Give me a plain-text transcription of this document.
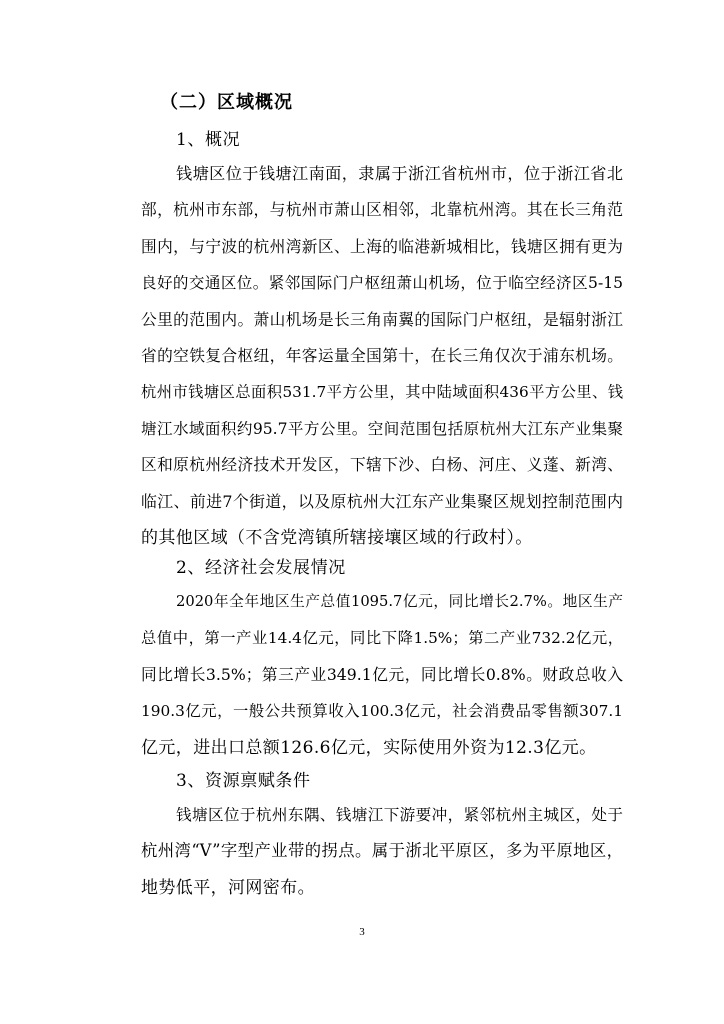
（二）区域概况
1、概况
钱塘区位于钱塘江南面，隶属于浙江省杭州市，位于浙江省北
部，杭州市东部，与杭州市萧山区相邻，北靠杭州湾。其在长三角范
围内，与宁波的杭州湾新区、上海的临港新城相比，钱塘区拥有更为
良好的交通区位。紧邻国际门户枢纽萧山机场，位于临空经济区5-15
公里的范围内。萧山机场是长三角南翼的国际门户枢纽，是辐射浙江
省的空铁复合枢纽，年客运量全国第十，在长三角仅次于浦东机场。
杭州市钱塘区总面积531.7平方公里，其中陆域面积436平方公里、钱
塘江水域面积约95.7平方公里。空间范围包括原杭州大江东产业集聚
区和原杭州经济技术开发区，下辖下沙、白杨、河庄、义蓬、新湾、
临江、前进7个街道，以及原杭州大江东产业集聚区规划控制范围内
的其他区域（不含党湾镇所辖接壤区域的行政村）。
2、经济社会发展情况
2020年全年地区生产总值1095.7亿元，同比增长2.7%。地区生产
总值中，第一产业14.4亿元，同比下降1.5%；第二产业732.2亿元，
同比增长3.5%；第三产业349.1亿元，同比增长0.8%。财政总收入
190.3亿元，一般公共预算收入100.3亿元，社会消费品零售额307.1
亿元，进出口总额126.6亿元，实际使用外资为12.3亿元。
3、资源禀赋条件
钱塘区位于杭州东隅、钱塘江下游要冲，紧邻杭州主城区，处于
杭州湾“V”字型产业带的拐点。属于浙北平原区，多为平原地区，
地势低平，河网密布。
3
